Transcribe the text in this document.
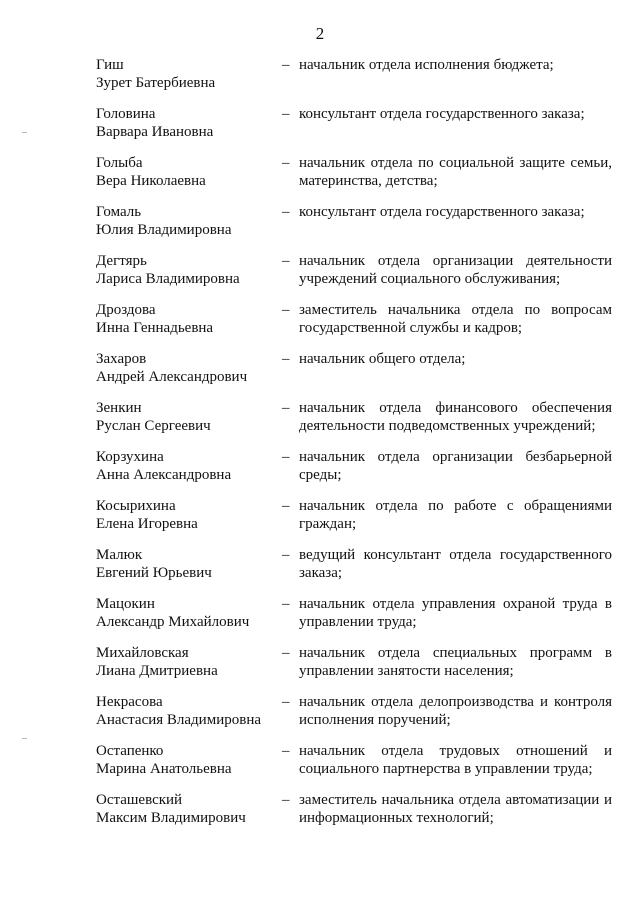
2
Гиш
Зурет Батербиевна
– начальник отдела исполнения бюджета;
Головина
Варвара Ивановна
– консультант отдела государственного заказа;
Голыба
Вера Николаевна
– начальник отдела по социальной защите семьи, материнства, детства;
Гомаль
Юлия Владимировна
– консультант отдела государственного заказа;
Дегтярь
Лариса Владимировна
– начальник отдела организации деятельности учреждений социального обслуживания;
Дроздова
Инна Геннадьевна
– заместитель начальника отдела по вопросам государственной службы и кадров;
Захаров
Андрей Александрович
– начальник общего отдела;
Зенкин
Руслан Сергеевич
– начальник отдела финансового обеспечения деятельности подведомственных учреждений;
Корзухина
Анна Александровна
– начальник отдела организации безбарьерной среды;
Косырихина
Елена Игоревна
– начальник отдела по работе с обращениями граждан;
Малюк
Евгений Юрьевич
– ведущий консультант отдела государственного заказа;
Мацокин
Александр Михайлович
– начальник отдела управления охраной труда в управлении труда;
Михайловская
Лиана Дмитриевна
– начальник отдела специальных программ в управлении занятости населения;
Некрасова
Анастасия Владимировна
– начальник отдела делопроизводства и контроля исполнения поручений;
Остапенко
Марина Анатольевна
– начальник отдела трудовых отношений и социального партнерства в управлении труда;
Осташевский
Максим Владимирович
– заместитель начальника отдела автоматизации и информационных технологий;
